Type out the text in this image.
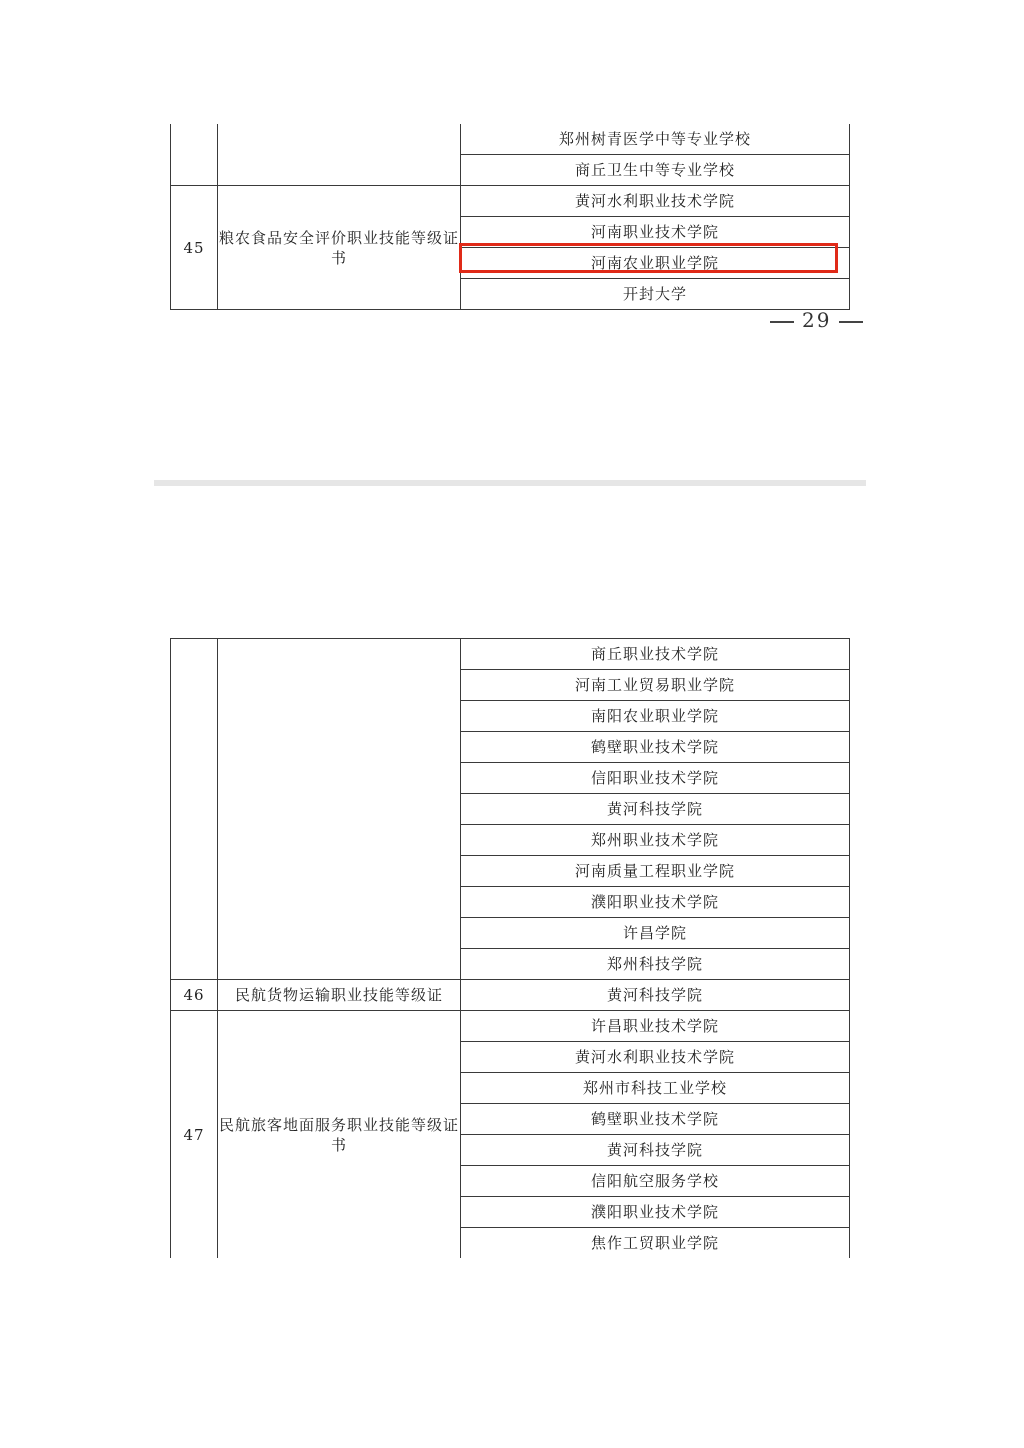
		郑州树青医学中等专业学校
		商丘卫生中等专业学校
45	粮农食品安全评价职业技能等级证书	黄河水利职业技术学院
		河南职业技术学院
		河南农业职业学院
		开封大学
29
		商丘职业技术学院
		河南工业贸易职业学院
		南阳农业职业学院
		鹤壁职业技术学院
		信阳职业技术学院
		黄河科技学院
		郑州职业技术学院
		河南质量工程职业学院
		濮阳职业技术学院
		许昌学院
		郑州科技学院
46	民航货物运输职业技能等级证	黄河科技学院
47	民航旅客地面服务职业技能等级证书	许昌职业技术学院
		黄河水利职业技术学院
		郑州市科技工业学校
		鹤壁职业技术学院
		黄河科技学院
		信阳航空服务学校
		濮阳职业技术学院
		焦作工贸职业学院
